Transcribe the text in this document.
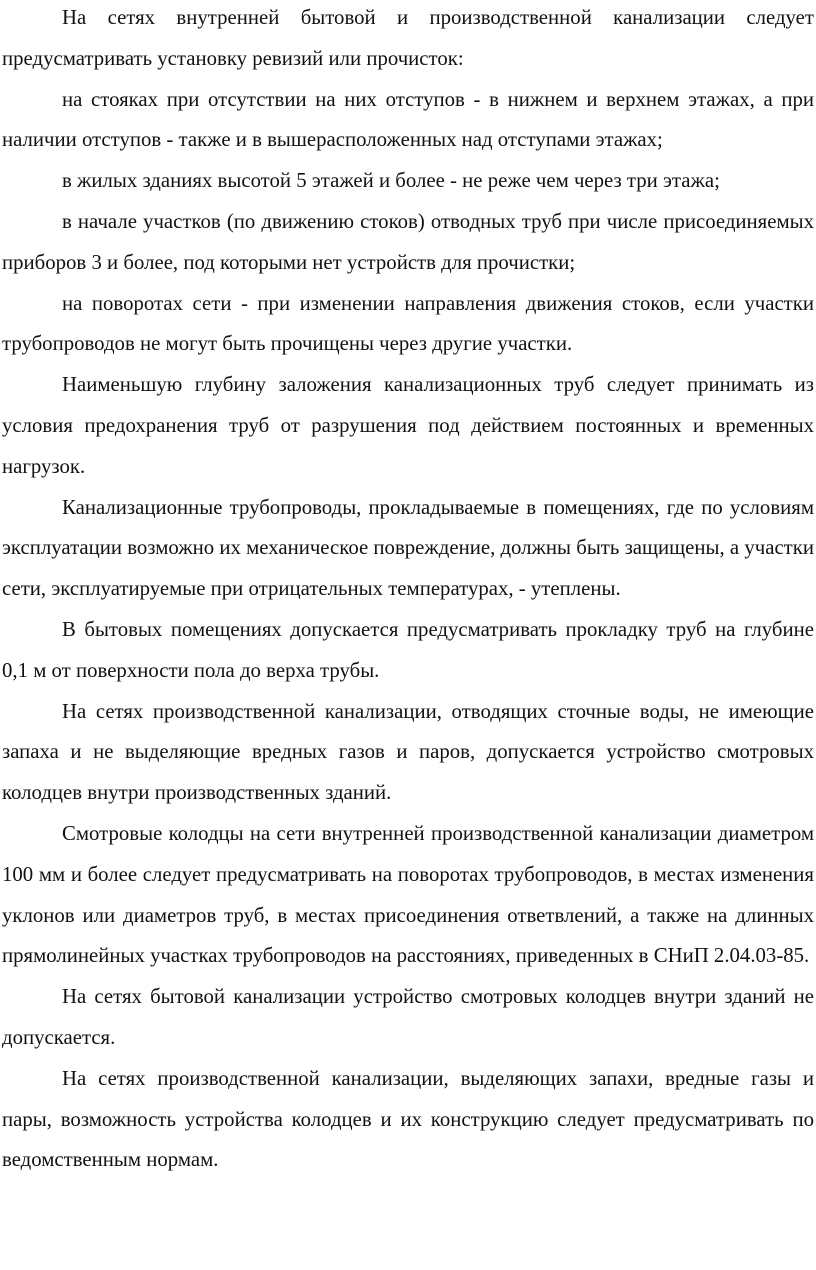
На сетях внутренней бытовой и производственной канализации следует предусматривать установку ревизий или прочисток:

на стояках при отсутствии на них отступов - в нижнем и верхнем этажах, а при наличии отступов - также и в вышерасположенных над отступами этажах;

в жилых зданиях высотой 5 этажей и более - не реже чем через три этажа;

в начале участков (по движению стоков) отводных труб при числе присоединяемых приборов 3 и более, под которыми нет устройств для прочистки;

на поворотах сети - при изменении направления движения стоков, если участки трубопроводов не могут быть прочищены через другие участки.

Наименьшую глубину заложения канализационных труб следует принимать из условия предохранения труб от разрушения под действием постоянных и временных нагрузок.

Канализационные трубопроводы, прокладываемые в помещениях, где по условиям эксплуатации возможно их механическое повреждение, должны быть защищены, а участки сети, эксплуатируемые при отрицательных температурах, - утеплены.

В бытовых помещениях допускается предусматривать прокладку труб на глубине 0,1 м от поверхности пола до верха трубы.

На сетях производственной канализации, отводящих сточные воды, не имеющие запаха и не выделяющие вредных газов и паров, допускается устройство смотровых колодцев внутри производственных зданий.

Смотровые колодцы на сети внутренней производственной канализации диаметром 100 мм и более следует предусматривать на поворотах трубопроводов, в местах изменения уклонов или диаметров труб, в местах присоединения ответвлений, а также на длинных прямолинейных участках трубопроводов на расстояниях, приведенных в СНиП 2.04.03-85.

На сетях бытовой канализации устройство смотровых колодцев внутри зданий не допускается.

На сетях производственной канализации, выделяющих запахи, вредные газы и пары, возможность устройства колодцев и их конструкцию следует предусматривать по ведомственным нормам.
